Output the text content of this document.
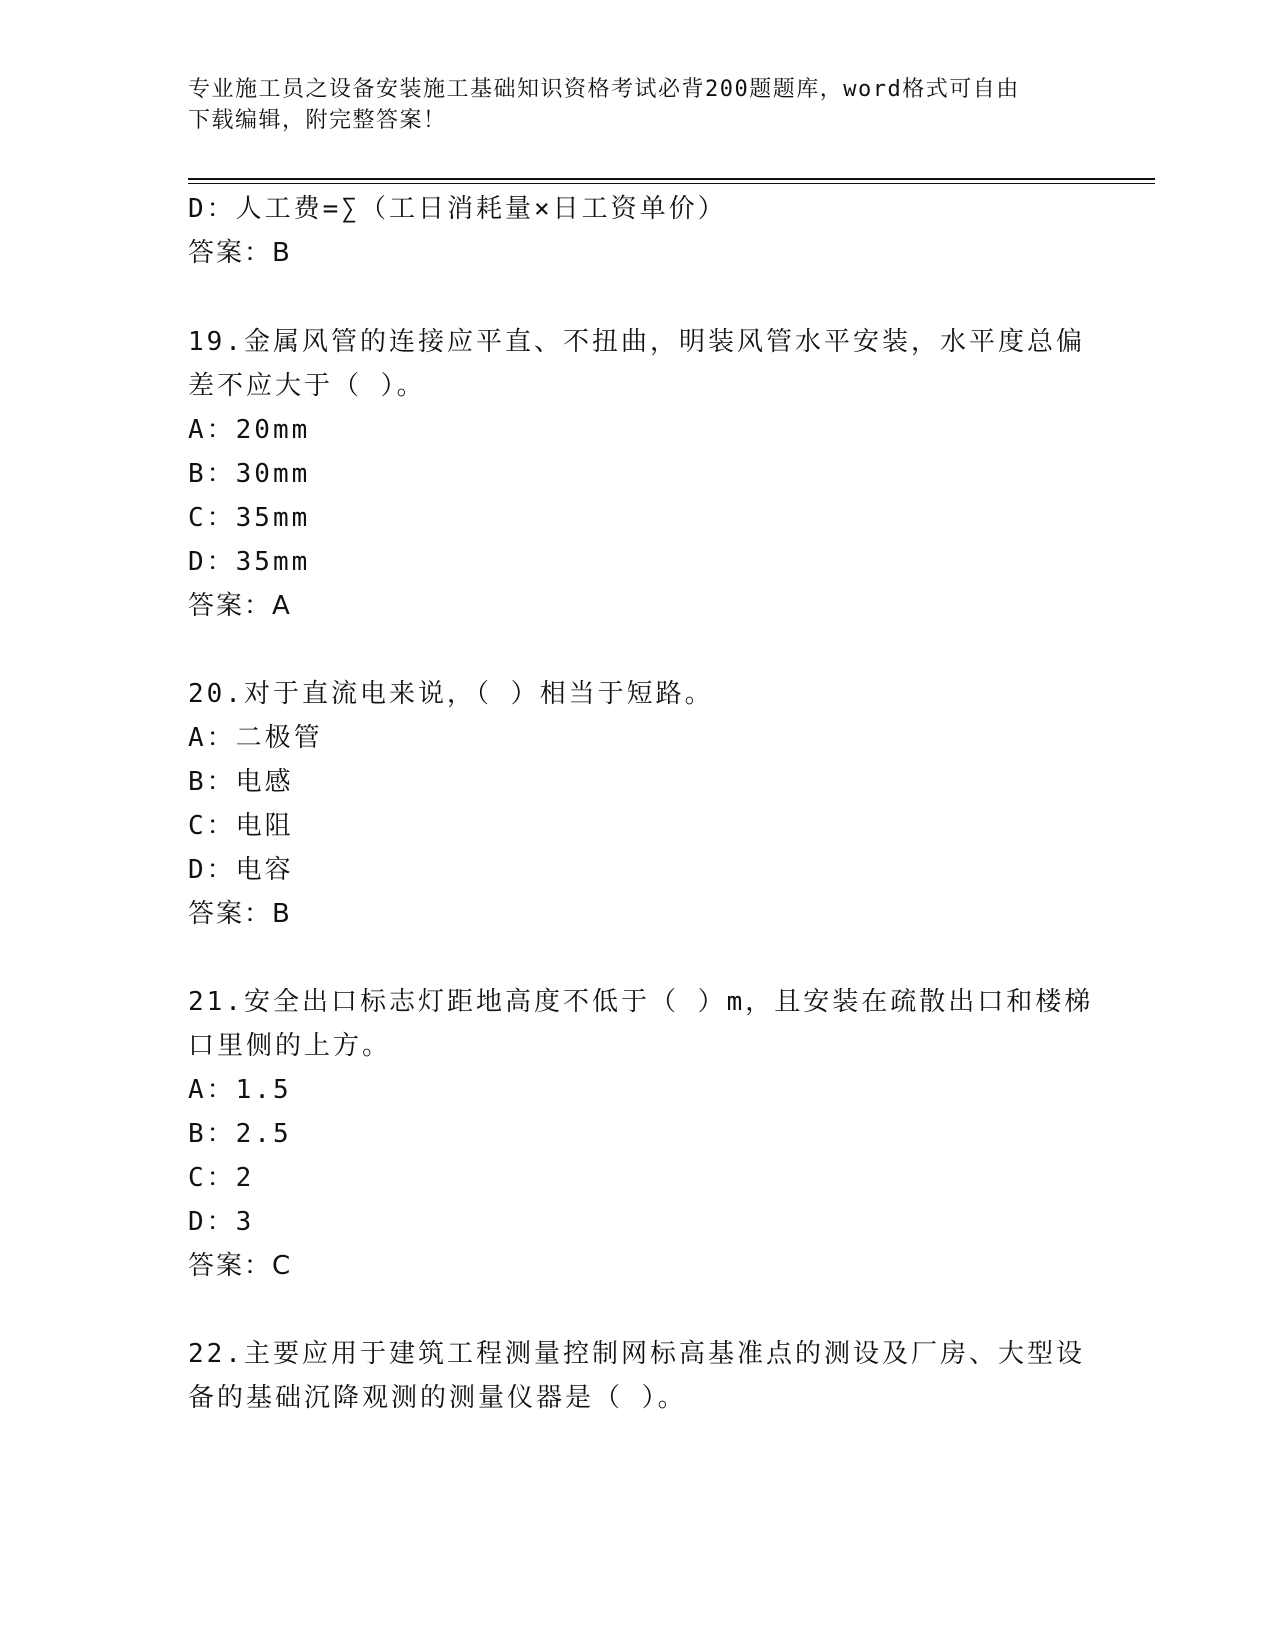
专业施工员之设备安装施工基础知识资格考试必背200题题库，word格式可自由
下载编辑，附完整答案！
D：人工费=∑（工日消耗量×日工资单价）
答案：B
19.金属风管的连接应平直、不扭曲，明装风管水平安装，水平度总偏
差不应大于（ ）。
A：20mm
B：30mm
C：35mm
D：35mm
答案：A
20.对于直流电来说，（ ）相当于短路。
A：二极管
B：电感
C：电阻
D：电容
答案：B
21.安全出口标志灯距地高度不低于（ ）m，且安装在疏散出口和楼梯
口里侧的上方。
A：1.5
B：2.5
C：2
D：3
答案：C
22.主要应用于建筑工程测量控制网标高基准点的测设及厂房、大型设
备的基础沉降观测的测量仪器是（ ）。
